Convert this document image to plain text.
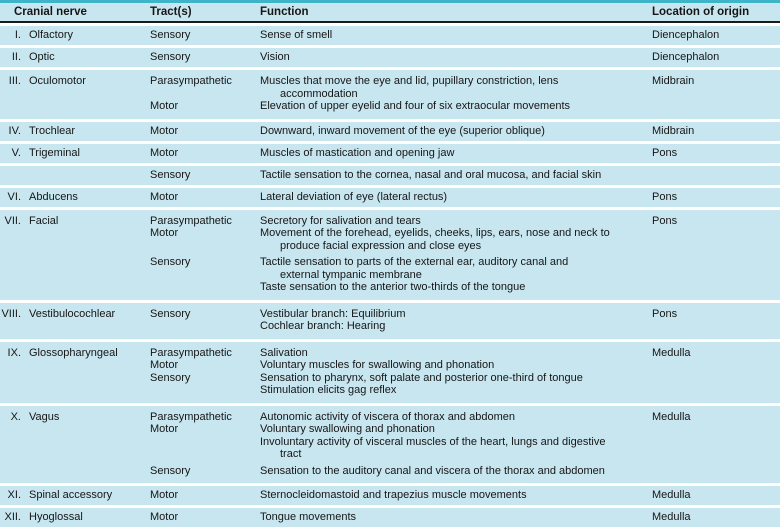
Cranial nerve	Tract(s)	Function	Location of origin
I. Olfactory	Sensory	Sense of smell	Diencephalon
II. Optic	Sensory	Vision	Diencephalon
III. Oculomotor	Parasympathetic	Muscles that move the eye and lid, pupillary constriction, lens	Midbrain
accommodation
Motor	Elevation of upper eyelid and four of six extraocular movements
IV. Trochlear	Motor	Downward, inward movement of the eye (superior oblique)	Midbrain
V. Trigeminal	Motor	Muscles of mastication and opening jaw	Pons
Sensory	Tactile sensation to the cornea, nasal and oral mucosa, and facial skin
VI. Abducens	Motor	Lateral deviation of eye (lateral rectus)	Pons
VII. Facial	Parasympathetic	Secretory for salivation and tears	Pons
Motor	Movement of the forehead, eyelids, cheeks, lips, ears, nose and neck to
produce facial expression and close eyes
Sensory	Tactile sensation to parts of the external ear, auditory canal and
external tympanic membrane
Taste sensation to the anterior two-thirds of the tongue
VIII. Vestibulocochlear	Sensory	Vestibular branch: Equilibrium	Pons
Cochlear branch: Hearing
IX. Glossopharyngeal	Parasympathetic	Salivation	Medulla
Motor	Voluntary muscles for swallowing and phonation
Sensory	Sensation to pharynx, soft palate and posterior one-third of tongue
Stimulation elicits gag reflex
X. Vagus	Parasympathetic	Autonomic activity of viscera of thorax and abdomen	Medulla
Motor	Voluntary swallowing and phonation
Involuntary activity of visceral muscles of the heart, lungs and digestive
tract
Sensory	Sensation to the auditory canal and viscera of the thorax and abdomen
XI. Spinal accessory	Motor	Sternocleidomastoid and trapezius muscle movements	Medulla
XII. Hyoglossal	Motor	Tongue movements	Medulla
